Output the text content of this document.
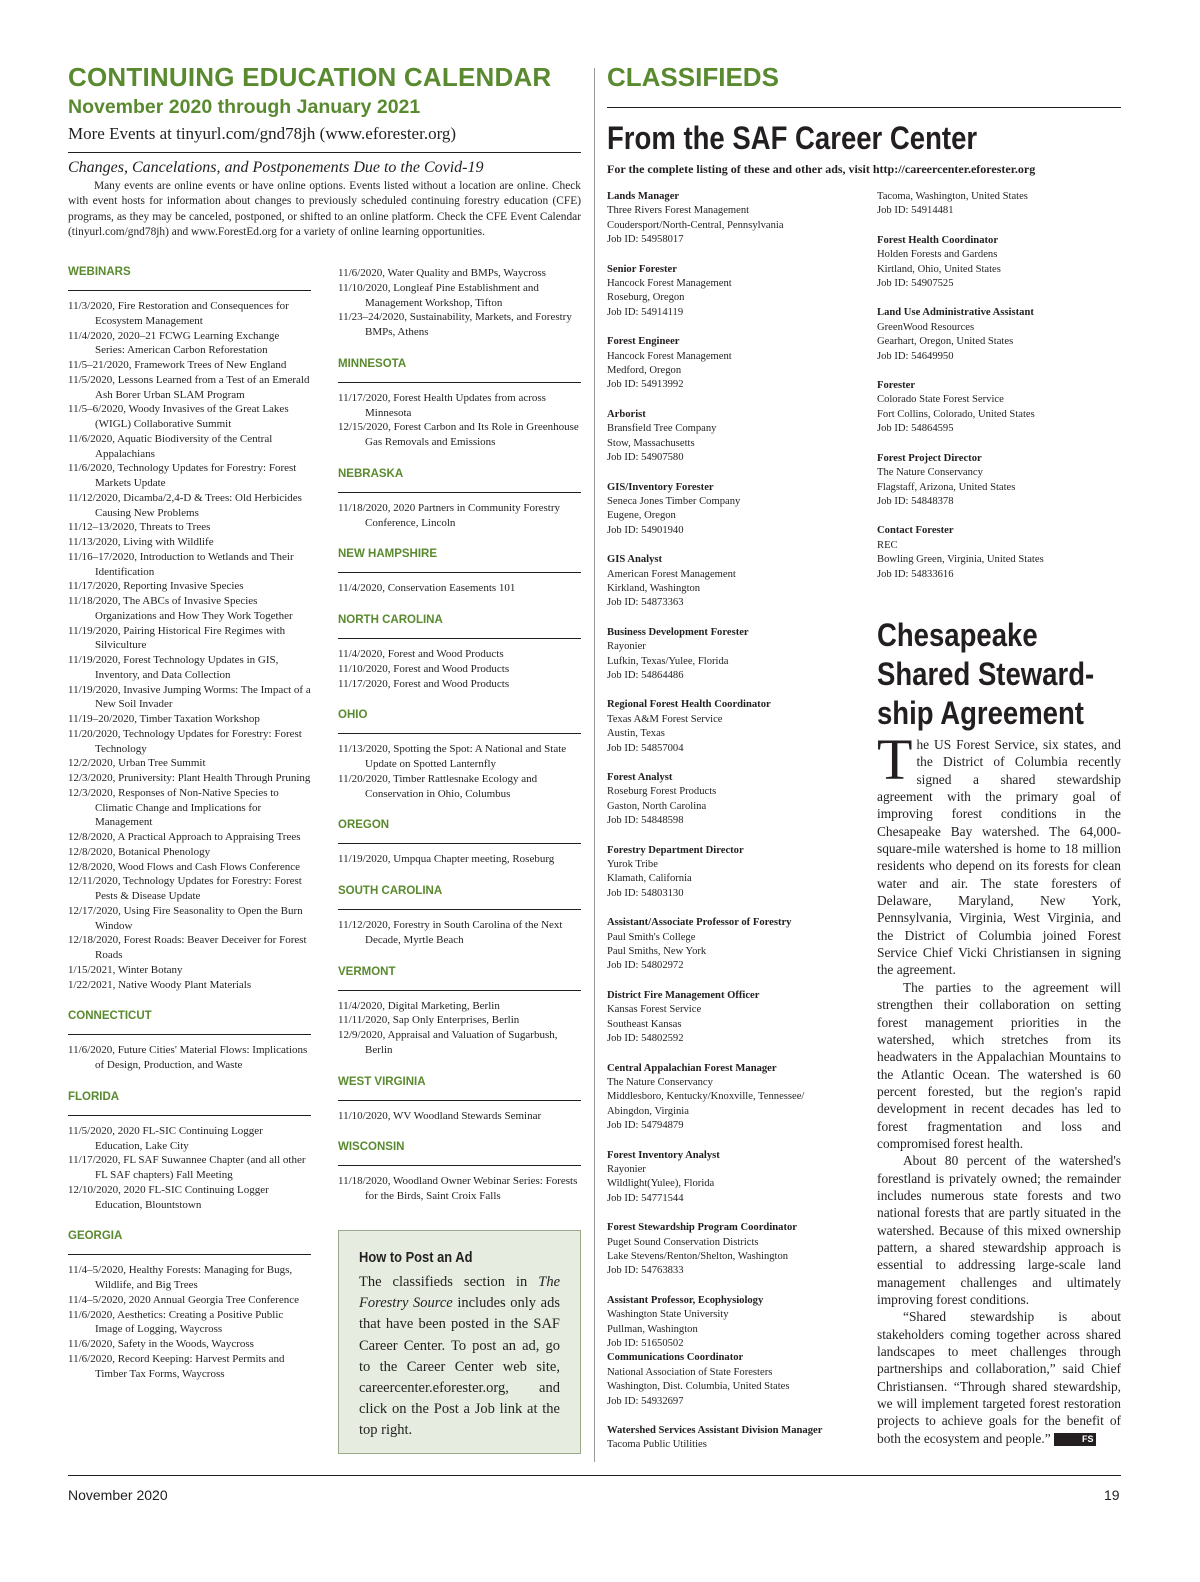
CONTINUING EDUCATION CALENDAR
November 2020 through January 2021
More Events at tinyurl.com/gnd78jh (www.eforester.org)
Changes, Cancelations, and Postponements Due to the Covid-19
Many events are online events or have online options. Events listed without a location are online. Check with event hosts for information about changes to previously scheduled continuing forestry education (CFE) programs, as they may be canceled, postponed, or shifted to an online platform. Check the CFE Event Calendar (tinyurl.com/gnd78jh) and www.ForestEd.org for a variety of online learning opportunities.
WEBINARS
11/3/2020, Fire Restoration and Consequences for Ecosystem Management
11/4/2020, 2020–21 FCWG Learning Exchange Series: American Carbon Reforestation
11/5–21/2020, Framework Trees of New England
11/5/2020, Lessons Learned from a Test of an Emerald Ash Borer Urban SLAM Program
11/5–6/2020, Woody Invasives of the Great Lakes (WIGL) Collaborative Summit
11/6/2020, Aquatic Biodiversity of the Central Appalachians
11/6/2020, Technology Updates for Forestry: Forest Markets Update
11/12/2020, Dicamba/2,4-D & Trees: Old Herbicides Causing New Problems
11/12–13/2020, Threats to Trees
11/13/2020, Living with Wildlife
11/16–17/2020, Introduction to Wetlands and Their Identification
11/17/2020, Reporting Invasive Species
11/18/2020, The ABCs of Invasive Species Organizations and How They Work Together
11/19/2020, Pairing Historical Fire Regimes with Silviculture
11/19/2020, Forest Technology Updates in GIS, Inventory, and Data Collection
11/19/2020, Invasive Jumping Worms: The Impact of a New Soil Invader
11/19–20/2020, Timber Taxation Workshop
11/20/2020, Technology Updates for Forestry: Forest Technology
12/2/2020, Urban Tree Summit
12/3/2020, Pruniversity: Plant Health Through Pruning
12/3/2020, Responses of Non-Native Species to Climatic Change and Implications for Management
12/8/2020, A Practical Approach to Appraising Trees
12/8/2020, Botanical Phenology
12/8/2020, Wood Flows and Cash Flows Conference
12/11/2020, Technology Updates for Forestry: Forest Pests & Disease Update
12/17/2020, Using Fire Seasonality to Open the Burn Window
12/18/2020, Forest Roads: Beaver Deceiver for Forest Roads
1/15/2021, Winter Botany
1/22/2021, Native Woody Plant Materials
CONNECTICUT
11/6/2020, Future Cities' Material Flows: Implications of Design, Production, and Waste
FLORIDA
11/5/2020, 2020 FL-SIC Continuing Logger Education, Lake City
11/17/2020, FL SAF Suwannee Chapter (and all other FL SAF chapters) Fall Meeting
12/10/2020, 2020 FL-SIC Continuing Logger Education, Blountstown
GEORGIA
11/4–5/2020, Healthy Forests: Managing for Bugs, Wildlife, and Big Trees
11/4–5/2020, 2020 Annual Georgia Tree Conference
11/6/2020, Aesthetics: Creating a Positive Public Image of Logging, Waycross
11/6/2020, Safety in the Woods, Waycross
11/6/2020, Record Keeping: Harvest Permits and Timber Tax Forms, Waycross
11/6/2020, Water Quality and BMPs, Waycross
11/10/2020, Longleaf Pine Establishment and Management Workshop, Tifton
11/23–24/2020, Sustainability, Markets, and Forestry BMPs, Athens
MINNESOTA
11/17/2020, Forest Health Updates from across Minnesota
12/15/2020, Forest Carbon and Its Role in Greenhouse Gas Removals and Emissions
NEBRASKA
11/18/2020, 2020 Partners in Community Forestry Conference, Lincoln
NEW HAMPSHIRE
11/4/2020, Conservation Easements 101
NORTH CAROLINA
11/4/2020, Forest and Wood Products
11/10/2020, Forest and Wood Products
11/17/2020, Forest and Wood Products
OHIO
11/13/2020, Spotting the Spot: A National and State Update on Spotted Lanternfly
11/20/2020, Timber Rattlesnake Ecology and Conservation in Ohio, Columbus
OREGON
11/19/2020, Umpqua Chapter meeting, Roseburg
SOUTH CAROLINA
11/12/2020, Forestry in South Carolina of the Next Decade, Myrtle Beach
VERMONT
11/4/2020, Digital Marketing, Berlin
11/11/2020, Sap Only Enterprises, Berlin
12/9/2020, Appraisal and Valuation of Sugarbush, Berlin
WEST VIRGINIA
11/10/2020, WV Woodland Stewards Seminar
WISCONSIN
11/18/2020, Woodland Owner Webinar Series: Forests for the Birds, Saint Croix Falls
How to Post an Ad
The classifieds section in The Forestry Source includes only ads that have been posted in the SAF Career Center. To post an ad, go to the Career Center web site, careercenter.eforester.org, and click on the Post a Job link at the top right.
CLASSIFIEDS
From the SAF Career Center
For the complete listing of these and other ads, visit http://careercenter.eforester.org
Lands Manager
Three Rivers Forest Management
Coudersport/North-Central, Pennsylvania
Job ID: 54958017
Senior Forester
Hancock Forest Management
Roseburg, Oregon
Job ID: 54914119
Forest Engineer
Hancock Forest Management
Medford, Oregon
Job ID: 54913992
Arborist
Bransfield Tree Company
Stow, Massachusetts
Job ID: 54907580
GIS/Inventory Forester
Seneca Jones Timber Company
Eugene, Oregon
Job ID: 54901940
GIS Analyst
American Forest Management
Kirkland, Washington
Job ID: 54873363
Business Development Forester
Rayonier
Lufkin, Texas/Yulee, Florida
Job ID: 54864486
Regional Forest Health Coordinator
Texas A&M Forest Service
Austin, Texas
Job ID: 54857004
Forest Analyst
Roseburg Forest Products
Gaston, North Carolina
Job ID: 54848598
Forestry Department Director
Yurok Tribe
Klamath, California
Job ID: 54803130
Assistant/Associate Professor of Forestry
Paul Smith's College
Paul Smiths, New York
Job ID: 54802972
District Fire Management Officer
Kansas Forest Service
Southeast Kansas
Job ID: 54802592
Central Appalachian Forest Manager
The Nature Conservancy
Middlesboro, Kentucky/Knoxville, Tennessee/
Abingdon, Virginia
Job ID: 54794879
Forest Inventory Analyst
Rayonier
Wildlight(Yulee), Florida
Job ID: 54771544
Forest Stewardship Program Coordinator
Puget Sound Conservation Districts
Lake Stevens/Renton/Shelton, Washington
Job ID: 54763833
Assistant Professor, Ecophysiology
Washington State University
Pullman, Washington
Job ID: 51650502
Communications Coordinator
National Association of State Foresters
Washington, Dist. Columbia, United States
Job ID: 54932697
Watershed Services Assistant Division Manager
Tacoma Public Utilities
Tacoma, Washington, United States
Job ID: 54914481
Forest Health Coordinator
Holden Forests and Gardens
Kirtland, Ohio, United States
Job ID: 54907525
Land Use Administrative Assistant
GreenWood Resources
Gearhart, Oregon, United States
Job ID: 54649950
Forester
Colorado State Forest Service
Fort Collins, Colorado, United States
Job ID: 54864595
Forest Project Director
The Nature Conservancy
Flagstaff, Arizona, United States
Job ID: 54848378
Contact Forester
REC
Bowling Green, Virginia, United States
Job ID: 54833616
Chesapeake
Shared Steward-
ship Agreement

The US Forest Service, six states, and the District of Columbia recently signed a shared stewardship agreement with the primary goal of improving forest conditions in the Chesapeake Bay watershed. The 64,000-square-mile watershed is home to 18 million residents who depend on its forests for clean water and air. The state foresters of Delaware, Maryland, New York, Pennsylvania, Virginia, West Virginia, and the District of Columbia joined Forest Service Chief Vicki Christiansen in signing the agreement.

The parties to the agreement will strengthen their collaboration on setting forest management priorities in the watershed, which stretches from its headwaters in the Appalachian Mountains to the Atlantic Ocean. The watershed is 60 percent forested, but the region's rapid development in recent decades has led to forest fragmentation and loss and compromised forest health.

About 80 percent of the watershed's forestland is privately owned; the remainder includes numerous state forests and two national forests that are partly situated in the watershed. Because of this mixed ownership pattern, a shared stewardship approach is essential to addressing large-scale land management challenges and ultimately improving forest conditions.

“Shared stewardship is about stakeholders coming together across shared landscapes to meet challenges through partnerships and collaboration,” said Chief Christiansen. “Through shared stewardship, we will implement targeted forest restoration projects to achieve goals for the benefit of both the ecosystem and people.”	FS

November 2020	19
